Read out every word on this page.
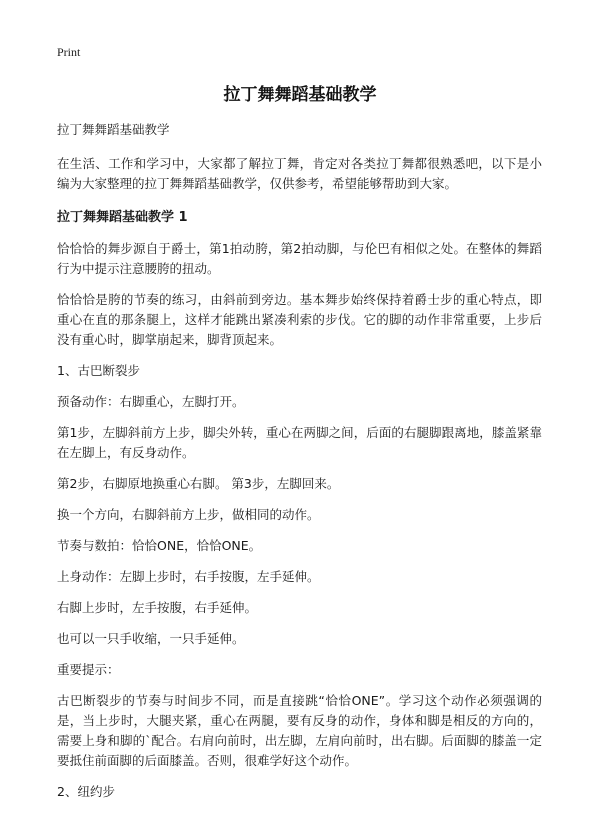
Print
拉丁舞舞蹈基础教学

拉丁舞舞蹈基础教学

在生活、工作和学习中，大家都了解拉丁舞，肯定对各类拉丁舞都很熟悉吧，以下是小编为大家整理的拉丁舞舞蹈基础教学，仅供参考，希望能够帮助到大家。

拉丁舞舞蹈基础教学 1

恰恰恰的舞步源自于爵士，第1拍动胯，第2拍动脚，与伦巴有相似之处。在整体的舞蹈行为中提示注意腰胯的扭动。

恰恰恰是胯的节奏的练习，由斜前到旁边。基本舞步始终保持着爵士步的重心特点，即重心在直的那条腿上，这样才能跳出紧凑利索的步伐。它的脚的动作非常重要，上步后没有重心时，脚掌崩起来，脚背顶起来。

1、古巴断裂步

预备动作：右脚重心，左脚打开。

第1步，左脚斜前方上步，脚尖外转，重心在两脚之间，后面的右腿脚跟离地，膝盖紧靠在左脚上，有反身动作。

第2步，右脚原地换重心右脚。 第3步，左脚回来。

换一个方向，右脚斜前方上步，做相同的动作。

节奏与数拍：恰恰ONE，恰恰ONE。

上身动作：左脚上步时，右手按腹，左手延伸。

右脚上步时，左手按腹，右手延伸。

也可以一只手收缩，一只手延伸。

重要提示：

古巴断裂步的节奏与时间步不同，而是直接跳“恰恰ONE”。学习这个动作必须强调的是，当上步时，大腿夹紧，重心在两腿，要有反身的动作，身体和脚是相反的方向的，需要上身和脚的`配合。右肩向前时，出左脚，左肩向前时，出右脚。后面脚的膝盖一定要抵住前面脚的后面膝盖。否则，很难学好这个动作。

2、纽约步
